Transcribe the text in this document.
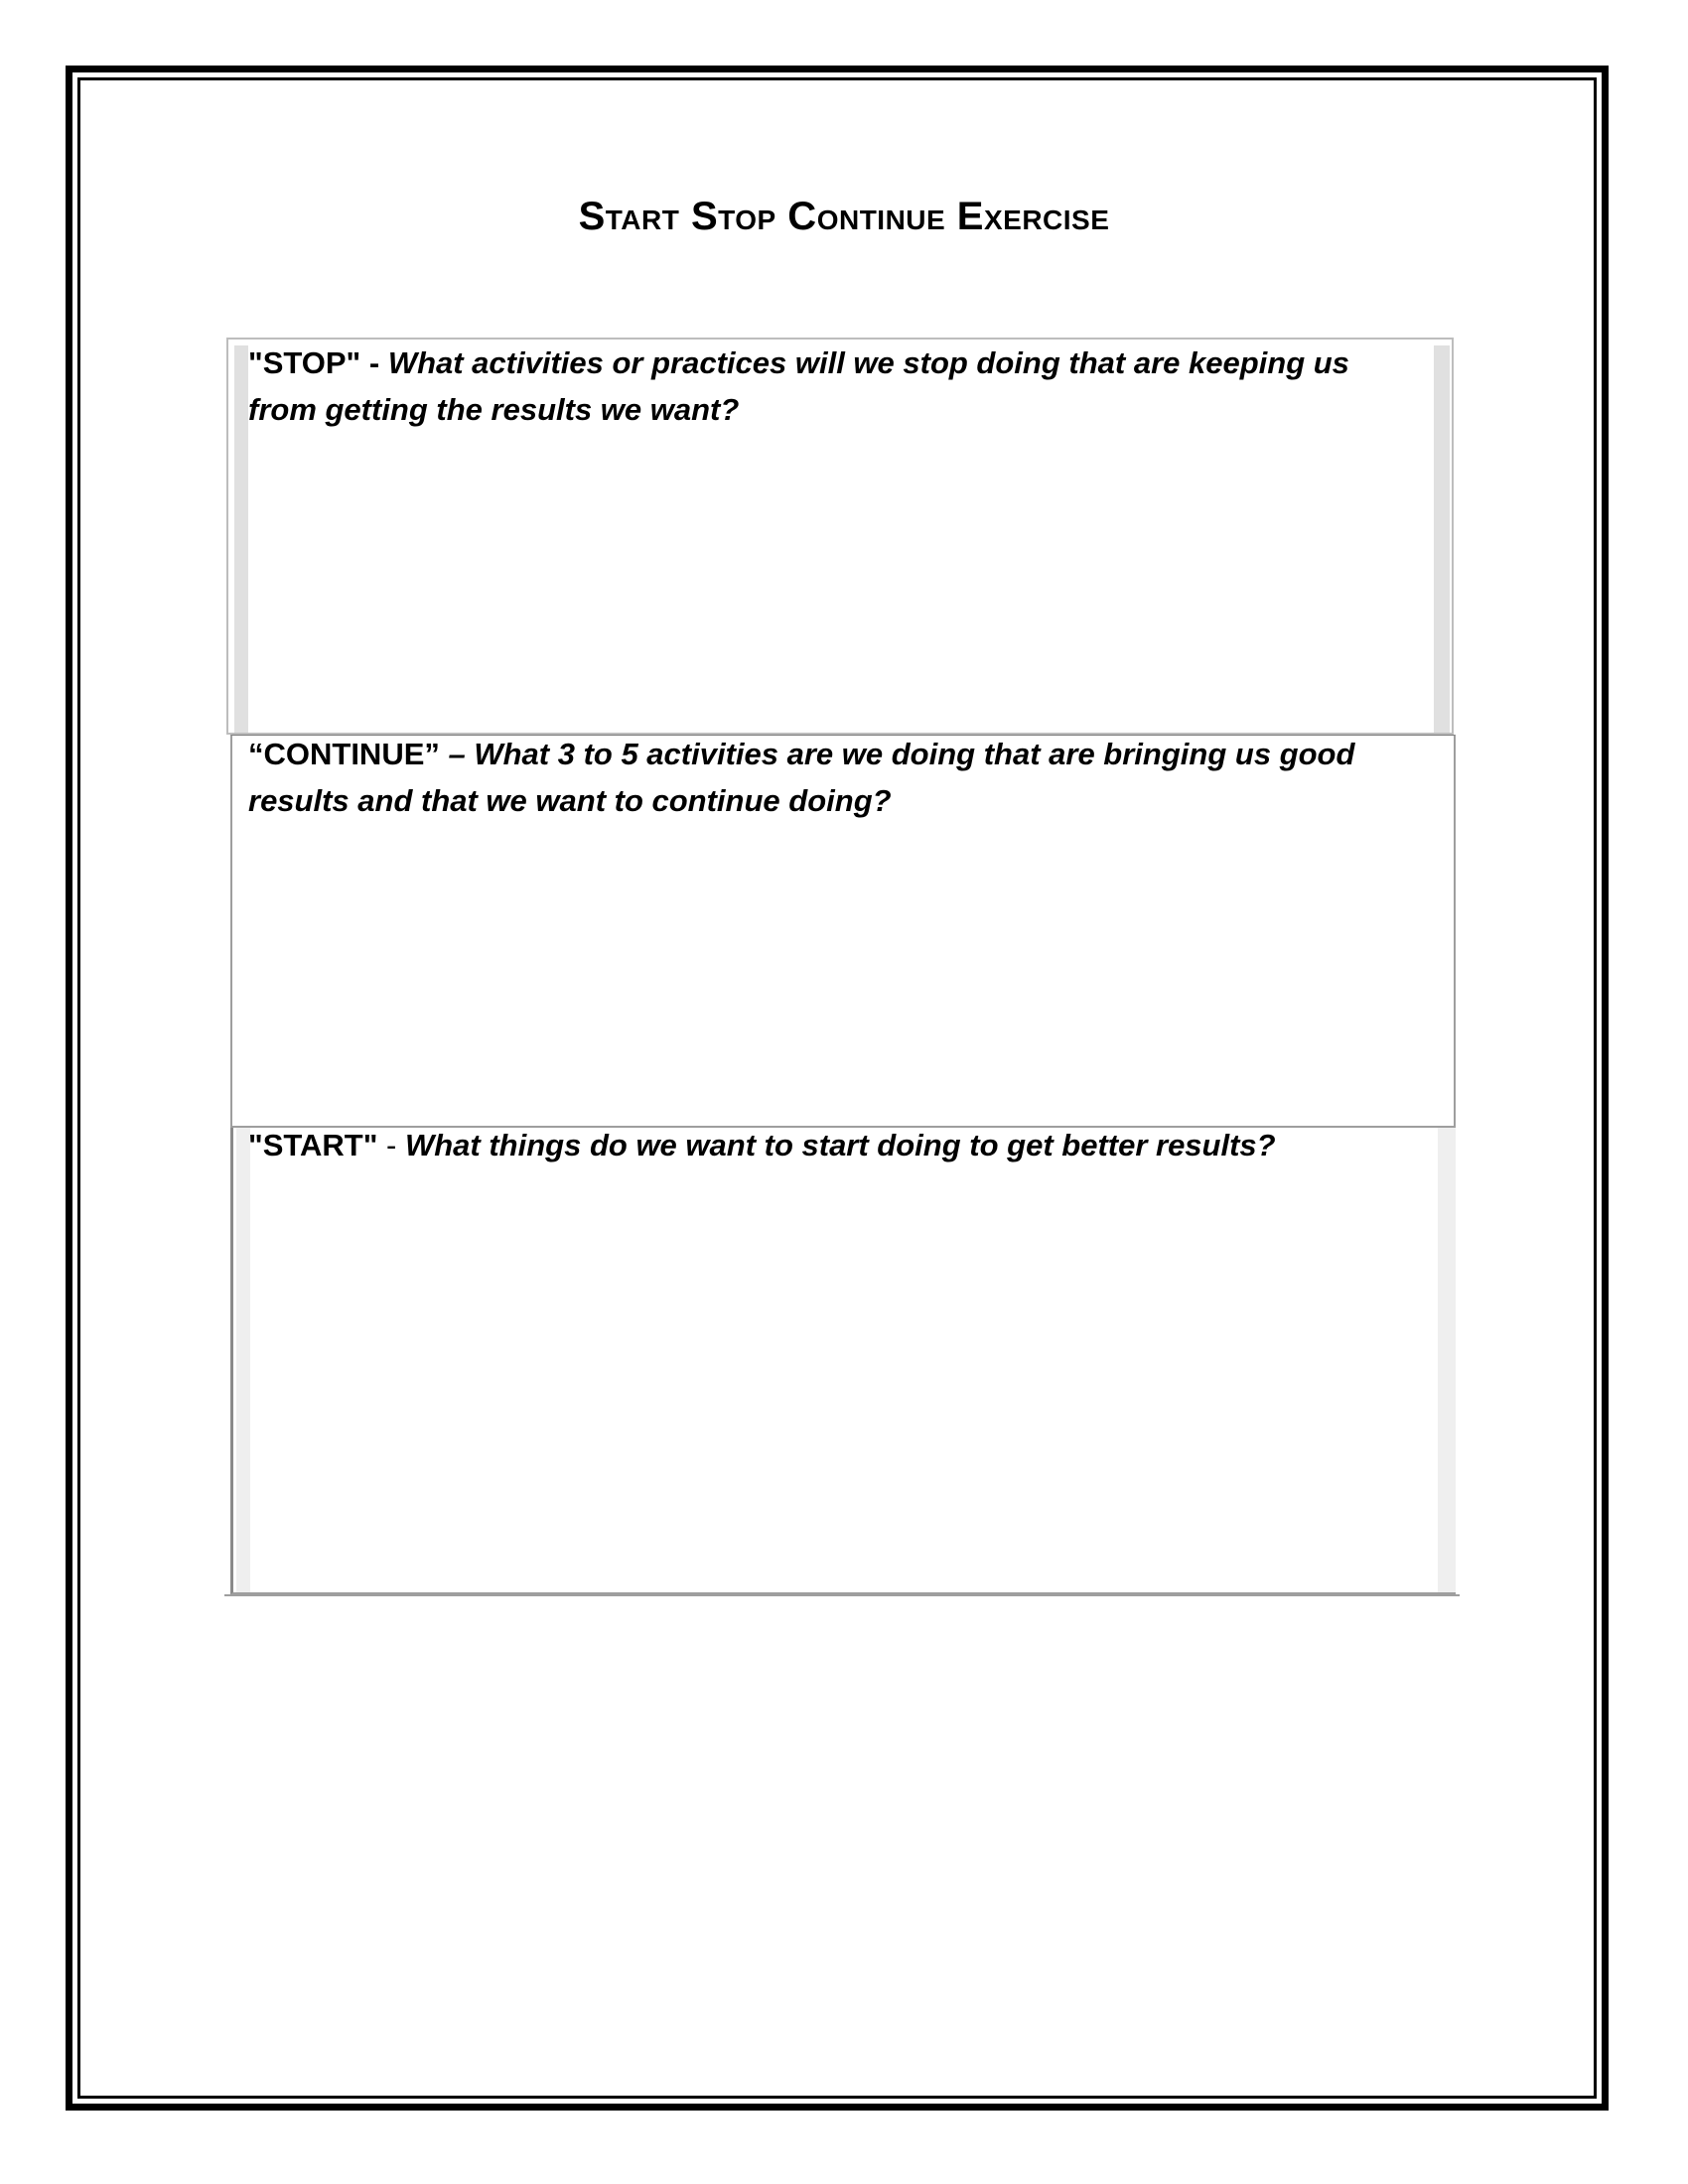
Start Stop Continue Exercise
"STOP" - What activities or practices will we stop doing that are keeping us from getting the results we want?
“CONTINUE” – What 3 to 5 activities are we doing that are bringing us good results and that we want to continue doing?
"START" - What things do we want to start doing to get better results?
